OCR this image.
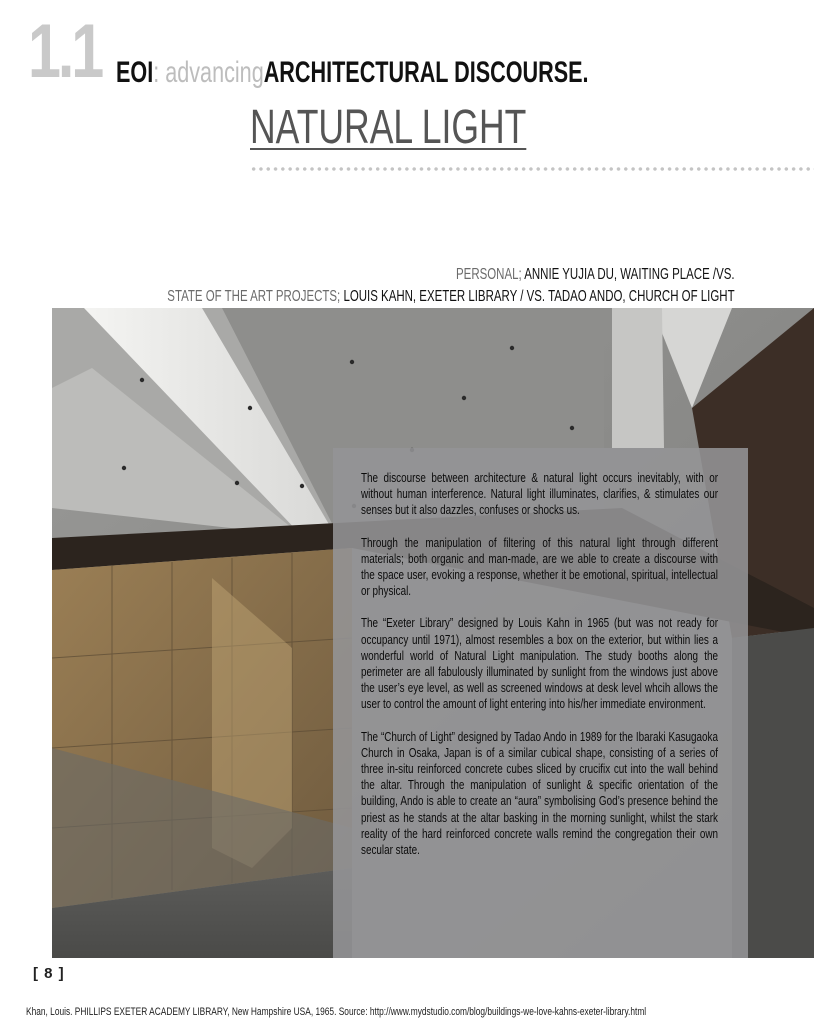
1.1 EOI: advancingARCHITECTURAL DISCOURSE.
NATURAL LIGHT
PERSONAL; ANNIE YUJIA DU, WAITING PLACE /VS.
STATE OF THE ART PROJECTS; LOUIS KAHN, EXETER LIBRARY / VS. TADAO ANDO, CHURCH OF LIGHT

The discourse between architecture & natural light occurs inevitably, with or without human interference. Natural light illuminates, clarifies, & stimulates our senses but it also dazzles, confuses or shocks us.

Through the manipulation of filtering of this natural light through different materials; both organic and man-made, are we able to create a discourse with the space user, evoking a response, whether it be emotional, spiritual, intellectual or physical.

The “Exeter Library” designed by Louis Kahn in 1965 (but was not ready for occupancy until 1971), almost resembles a box on the exterior, but within lies a wonderful world of Natural Light manipulation. The study booths along the perimeter are all fabulously illuminated by sunlight from the windows just above the user’s eye level, as well as screened windows at desk level whcih allows the user to control the amount of light entering into his/her immediate environment.

The “Church of Light” designed by Tadao Ando in 1989 for the Ibaraki Kasugaoka Church in Osaka, Japan is of a similar cubical shape, consisting of a series of three in-situ reinforced concrete cubes sliced by crucifix cut into the wall behind the altar. Through the manipulation of sunlight & specific orientation of the building, Ando is able to create an “aura” symbolising God’s presence behind the priest as he stands at the altar basking in the morning sunlight, whilst the stark reality of the hard reinforced concrete walls remind the congregation their own secular state.

[ 8 ]
Khan, Louis. PHILLIPS EXETER ACADEMY LIBRARY, New Hampshire USA, 1965. Source: http://www.mydstudio.com/blog/buildings-we-love-kahns-exeter-library.html
